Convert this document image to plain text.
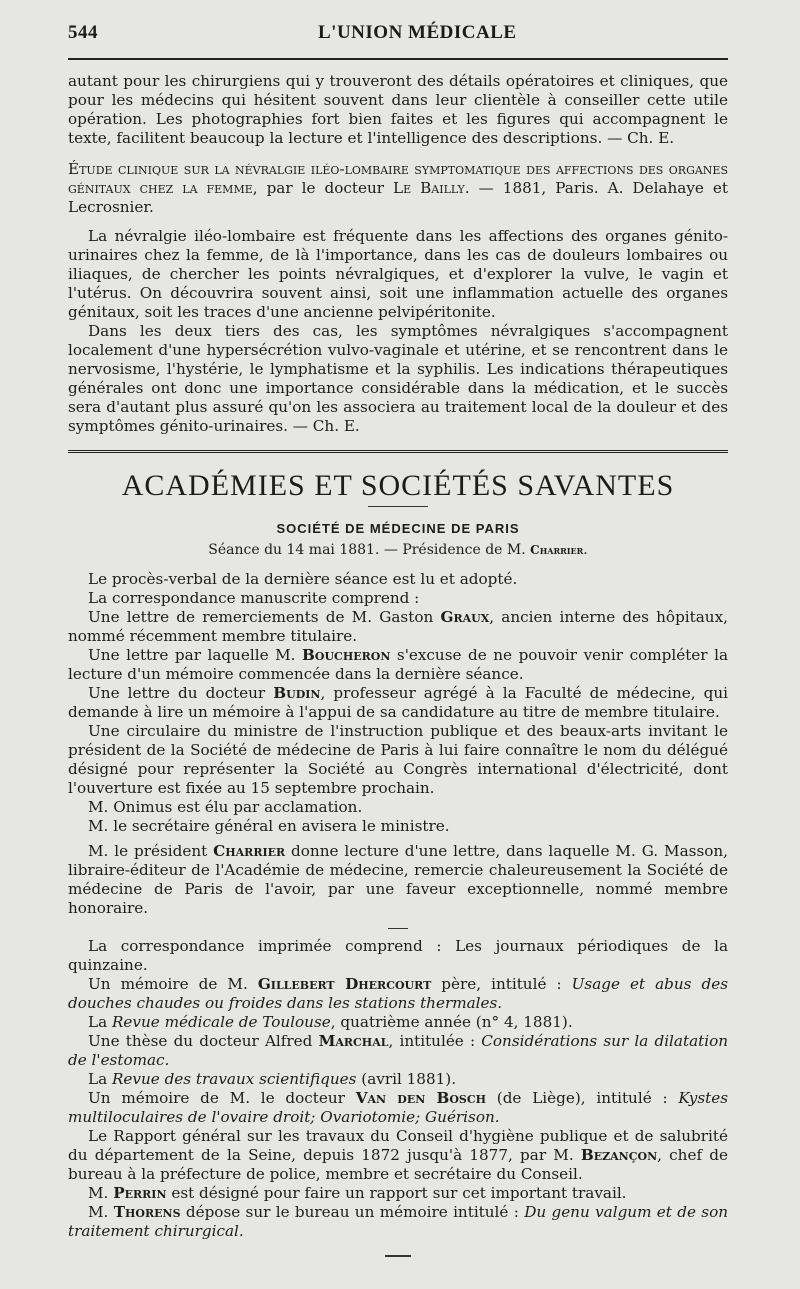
544	L'UNION MÉDICALE

autant pour les chirurgiens qui y trouveront des détails opératoires et cliniques, que pour les médecins qui hésitent souvent dans leur clientèle à conseiller cette utile opération. Les photographies fort bien faites et les figures qui accompagnent le texte, facilitent beaucoup la lecture et l'intelligence des descriptions. — Ch. E.

Étude clinique sur la névralgie iléo-lombaire symptomatique des affections des organes génitaux chez la femme, par le docteur Le Bailly. — 1881, Paris. A. Delahaye et Lecrosnier.

La névralgie iléo-lombaire est fréquente dans les affections des organes génito-urinaires chez la femme, de là l'importance, dans les cas de douleurs lombaires ou iliaques, de chercher les points névralgiques, et d'explorer la vulve, le vagin et l'utérus. On découvrira souvent ainsi, soit une inflammation actuelle des organes génitaux, soit les traces d'une ancienne pelvipéritonite.

Dans les deux tiers des cas, les symptômes névralgiques s'accompagnent localement d'une hypersécrétion vulvo-vaginale et utérine, et se rencontrent dans le nervosisme, l'hystérie, le lymphatisme et la syphilis. Les indications thérapeutiques générales ont donc une importance considérable dans la médication, et le succès sera d'autant plus assuré qu'on les associera au traitement local de la douleur et des symptômes génito-urinaires. — Ch. E.

ACADÉMIES ET SOCIÉTÉS SAVANTES
SOCIÉTÉ DE MÉDECINE DE PARIS
Séance du 14 mai 1881. — Présidence de M. Charrier.

Le procès-verbal de la dernière séance est lu et adopté.

La correspondance manuscrite comprend :

Une lettre de remerciements de M. Gaston Graux, ancien interne des hôpitaux, nommé récemment membre titulaire.

Une lettre par laquelle M. Boucheron s'excuse de ne pouvoir venir compléter la lecture d'un mémoire commencée dans la dernière séance.

Une lettre du docteur Budin, professeur agrégé à la Faculté de médecine, qui demande à lire un mémoire à l'appui de sa candidature au titre de membre titulaire.

Une circulaire du ministre de l'instruction publique et des beaux-arts invitant le président de la Société de médecine de Paris à lui faire connaître le nom du délégué désigné pour représenter la Société au Congrès international d'électricité, dont l'ouverture est fixée au 15 septembre prochain.

M. Onimus est élu par acclamation.

M. le secrétaire général en avisera le ministre.

M. le président Charrier donne lecture d'une lettre, dans laquelle M. G. Masson, libraire-éditeur de l'Académie de médecine, remercie chaleureusement la Société de médecine de Paris de l'avoir, par une faveur exceptionnelle, nommé membre honoraire.

La correspondance imprimée comprend : Les journaux périodiques de la quinzaine.

Un mémoire de M. Gillebert Dhercourt père, intitulé : Usage et abus des douches chaudes ou froides dans les stations thermales.

La Revue médicale de Toulouse, quatrième année (n° 4, 1881).

Une thèse du docteur Alfred Marchal, intitulée : Considérations sur la dilatation de l'estomac.

La Revue des travaux scientifiques (avril 1881).

Un mémoire de M. le docteur Van den Bosch (de Liège), intitulé : Kystes multiloculaires de l'ovaire droit; Ovariotomie; Guérison.

Le Rapport général sur les travaux du Conseil d'hygiène publique et de salubrité du département de la Seine, depuis 1872 jusqu'à 1877, par M. Bezançon, chef de bureau à la préfecture de police, membre et secrétaire du Conseil.

M. Perrin est désigné pour faire un rapport sur cet important travail.

M. Thorens dépose sur le bureau un mémoire intitulé : Du genu valgum et de son traitement chirurgical.
